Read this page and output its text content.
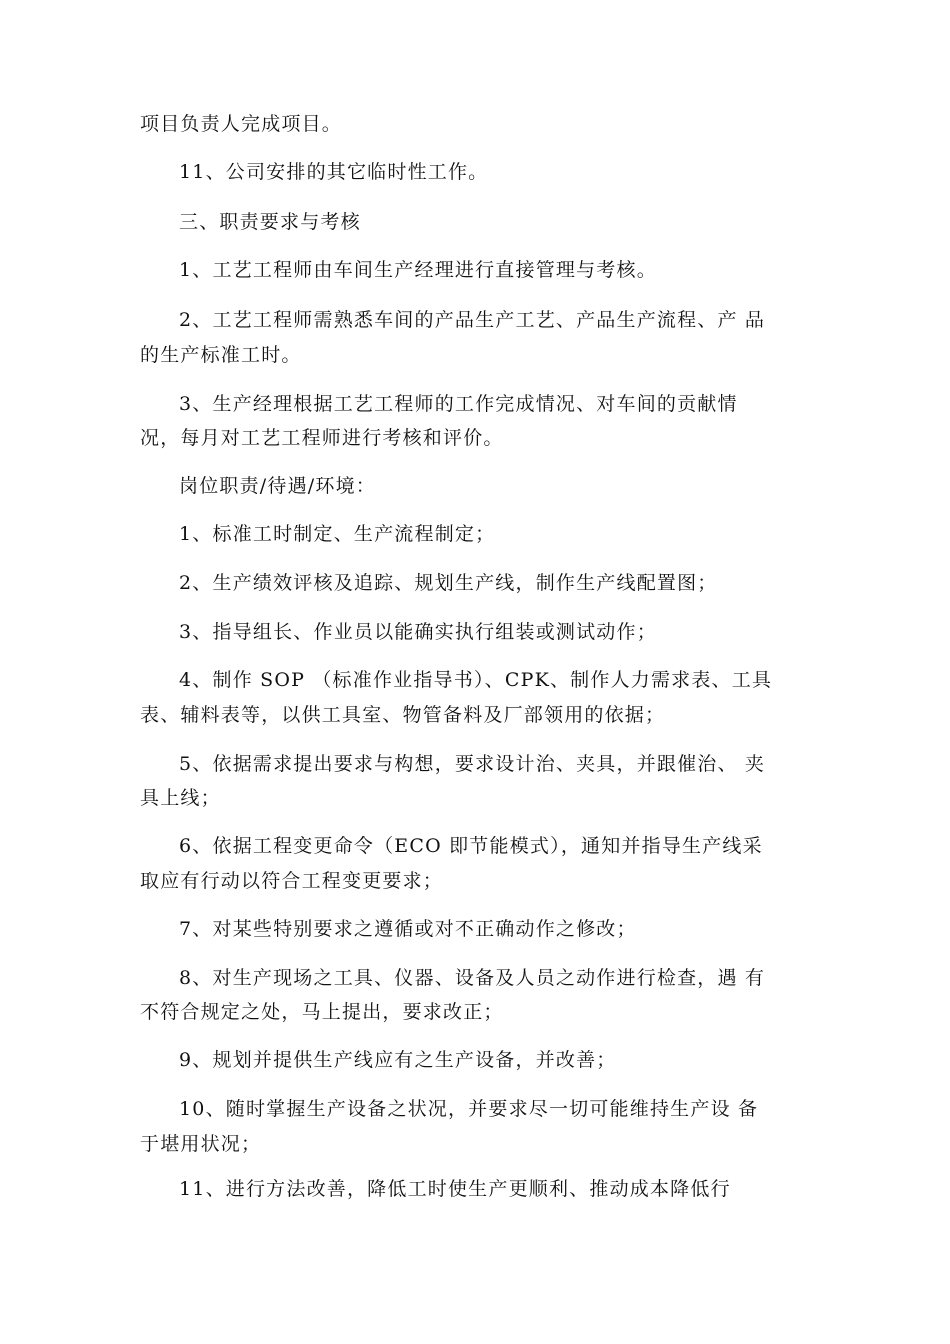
项目负责人完成项目。
11、公司安排的其它临时性工作。
三、职责要求与考核
1、工艺工程师由车间生产经理进行直接管理与考核。
2、工艺工程师需熟悉车间的产品生产工艺、产品生产流程、产 品
的生产标准工时。
3、生产经理根据工艺工程师的工作完成情况、对车间的贡献情
况，每月对工艺工程师进行考核和评价。
岗位职责/待遇/环境：
1、标准工时制定、生产流程制定；
2、生产绩效评核及追踪、规划生产线，制作生产线配置图；
3、指导组长、作业员以能确实执行组装或测试动作；
4、制作 SOP （标准作业指导书）、CPK、制作人力需求表、工具
表、辅料表等，以供工具室、物管备料及厂部领用的依据；
5、依据需求提出要求与构想，要求设计治、夹具，并跟催治、 夹
具上线；
6、依据工程变更命令（ECO 即节能模式），通知并指导生产线采
取应有行动以符合工程变更要求；
7、对某些特别要求之遵循或对不正确动作之修改；
8、对生产现场之工具、仪器、设备及人员之动作进行检查，遇 有
不符合规定之处，马上提出，要求改正；
9、规划并提供生产线应有之生产设备，并改善；
10、随时掌握生产设备之状况，并要求尽一切可能维持生产设 备
于堪用状况；
11、进行方法改善，降低工时使生产更顺利、推动成本降低行
